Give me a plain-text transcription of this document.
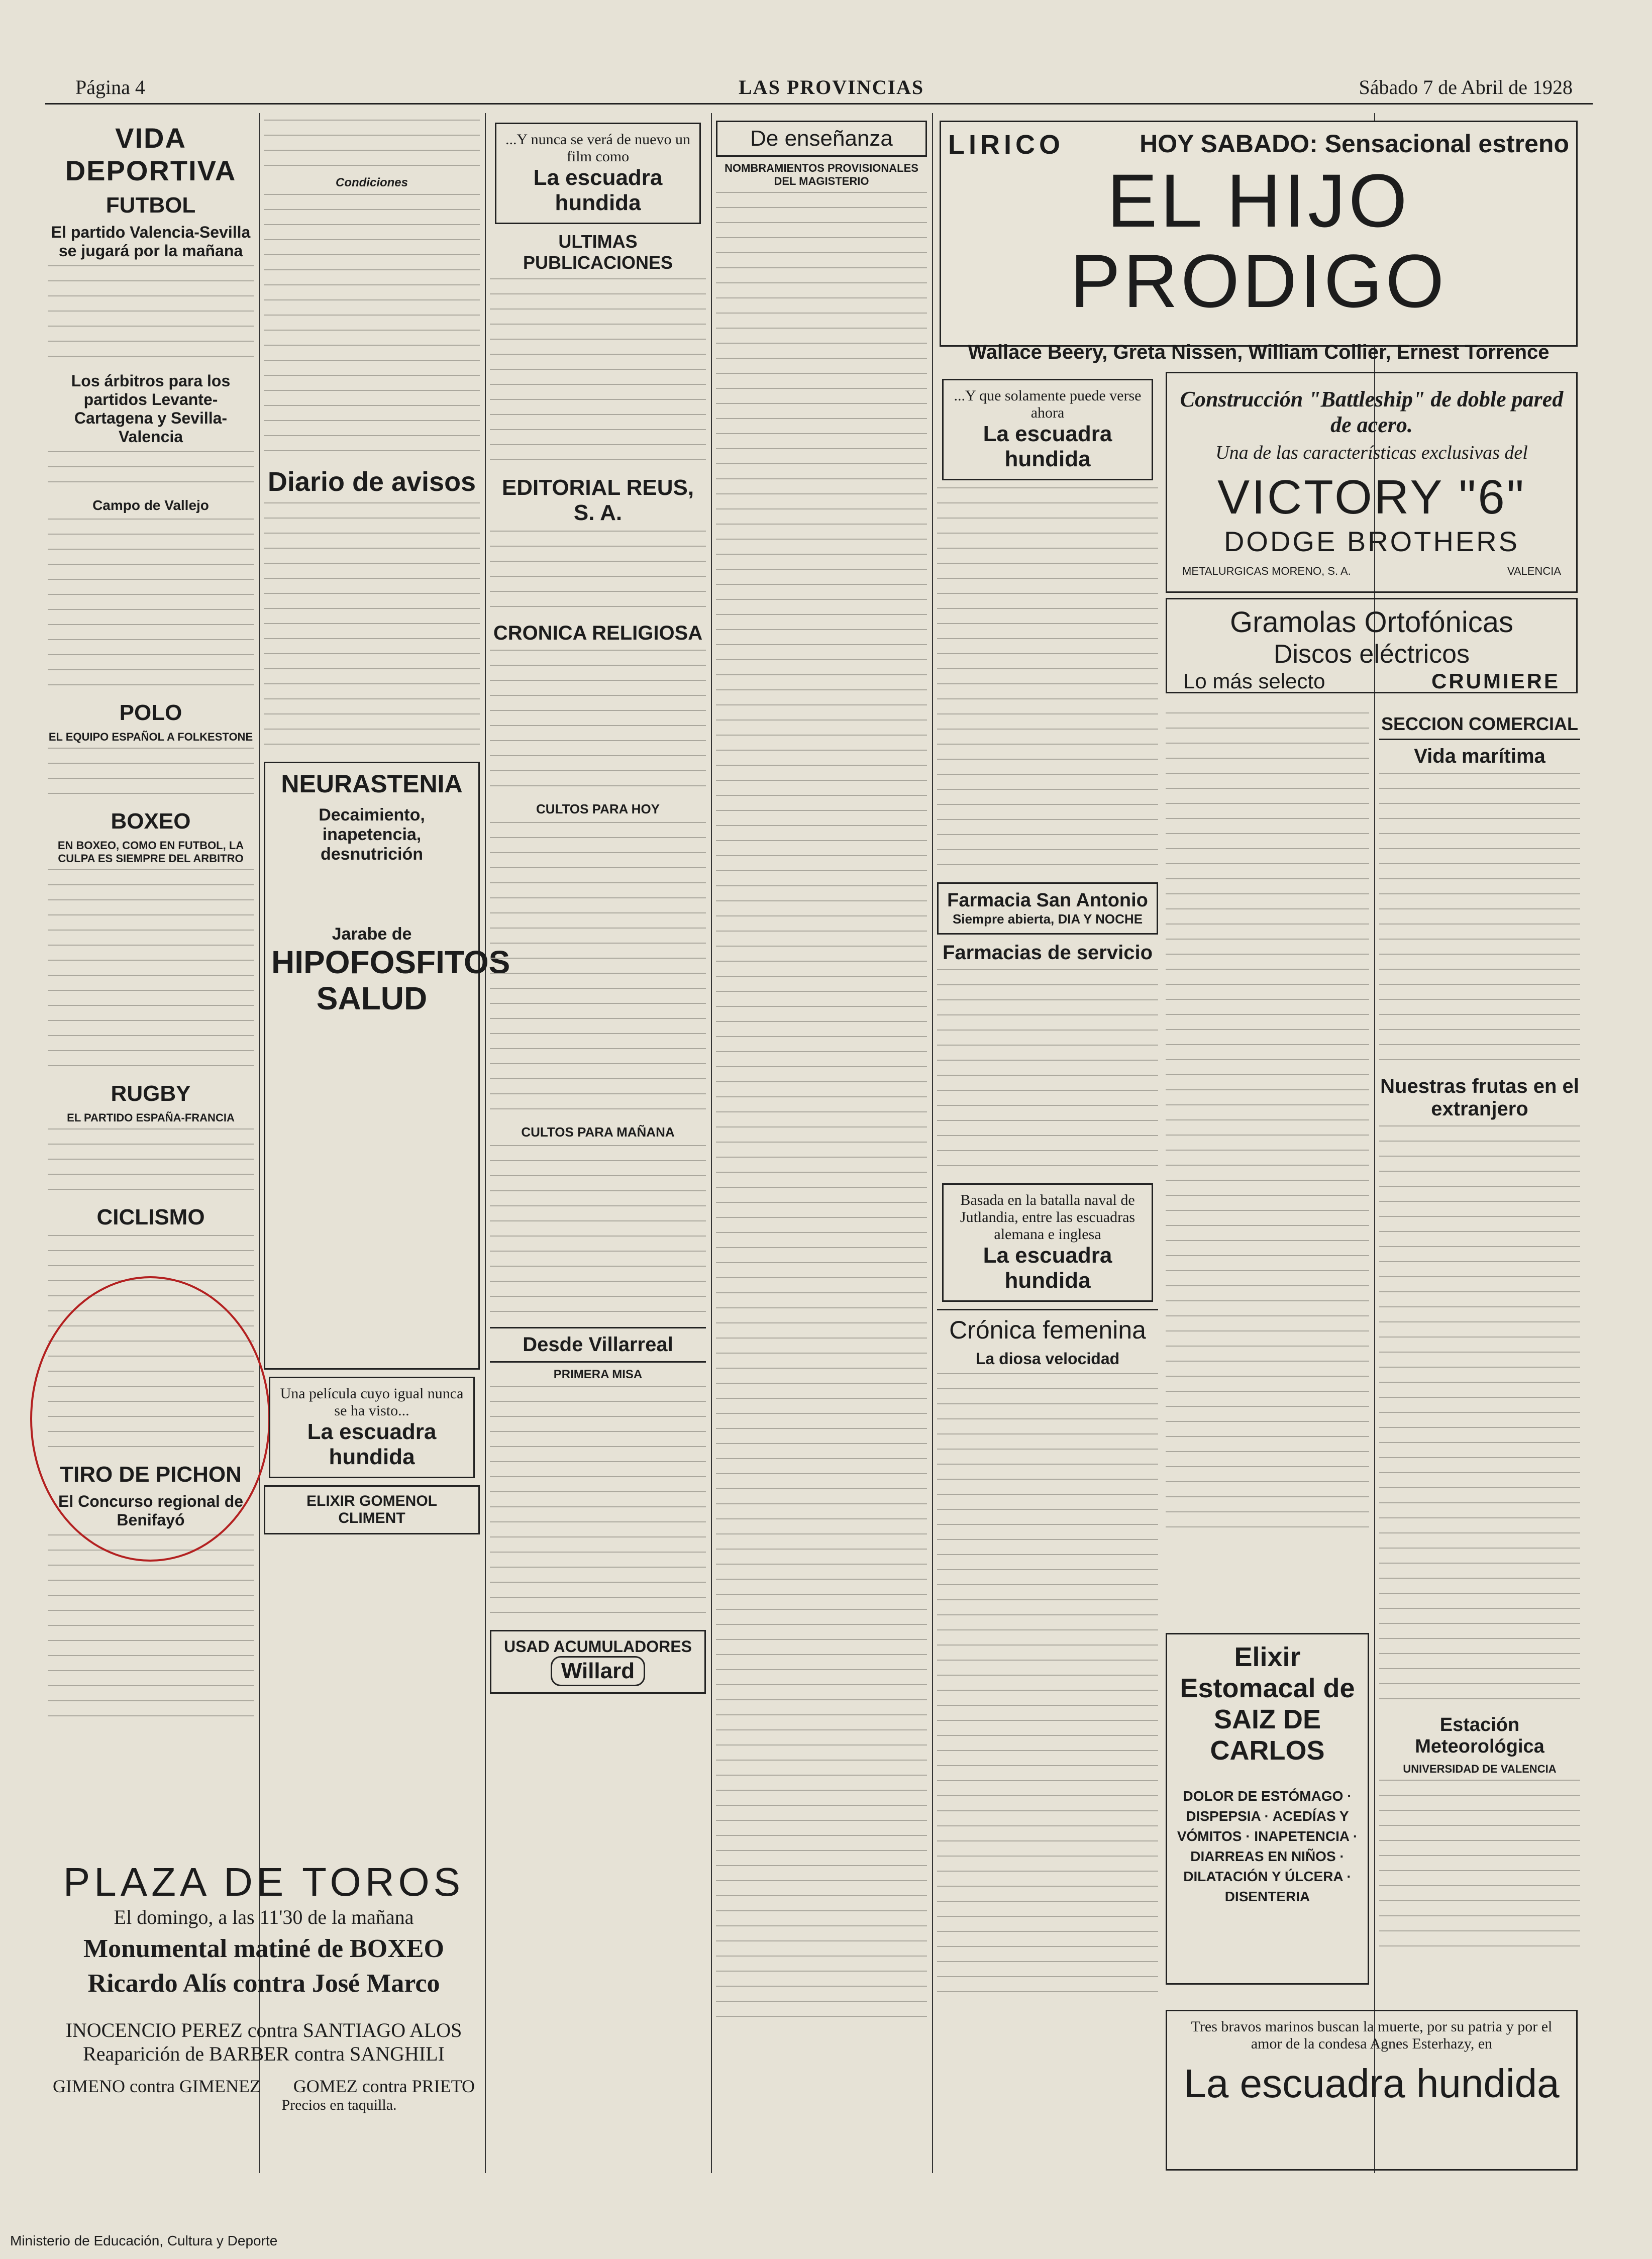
Página 4	LAS PROVINCIAS	Sábado 7 de Abril de 1928
VIDA DEPORTIVA
FUTBOL
El partido Valencia-Sevilla se jugará por la mañana
Los árbitros para los partidos Levante-Cartagena y Sevilla-Valencia
Campo de Vallejo
POLO
EL EQUIPO ESPAÑOL A FOLKESTONE
BOXEO
EN BOXEO, COMO EN FUTBOL, LA CULPA ES SIEMPRE DEL ARBITRO
RUGBY
EL PARTIDO ESPAÑA-FRANCIA
CICLISMO
TIRO DE PICHON
El Concurso regional de Benifayó
Condiciones
Diario de avisos
NEURASTENIA
Decaimiento, inapetencia, desnutrición
Jarabe de
HIPOFOSFITOS SALUD
Una película cuyo igual nunca se ha visto...
La escuadra hundida
ELIXIR GOMENOL CLIMENT
...Y nunca se verá de nuevo un film como
La escuadra hundida
ULTIMAS PUBLICACIONES
EDITORIAL REUS, S. A.
CRONICA RELIGIOSA
CULTOS PARA HOY
CULTOS PARA MAÑANA
Desde Villarreal
PRIMERA MISA
USAD ACUMULADORES
Willard
De enseñanza
NOMBRAMIENTOS PROVISIONALES DEL MAGISTERIO
...Y que solamente puede verse ahora
La escuadra hundida
Farmacia San Antonio
Siempre abierta, DIA Y NOCHE
Farmacias de servicio
Basada en la batalla naval de Jutlandia, entre las escuadras alemana e inglesa
La escuadra hundida
Crónica femenina
La diosa velocidad
LIRICO	HOY SABADO: Sensacional estreno
EL HIJO PRODIGO
Wallace Beery, Greta Nissen, William Collier, Ernest Torrence
Construcción "Battleship" de doble pared de acero.
Una de las características exclusivas del
VICTORY "6"
DODGE BROTHERS
METALURGICAS MORENO, S. A.	VALENCIA
Gramolas Ortofónicas
Discos eléctricos
Lo más selecto	CRUMIERE
Elixir Estomacal de SAIZ DE CARLOS
DOLOR DE ESTÓMAGO · DISPEPSIA · ACEDÍAS Y VÓMITOS · INAPETENCIA · DIARREAS EN NIÑOS · DILATACIÓN Y ÚLCERA · DISENTERIA
SECCION COMERCIAL
Vida marítima
Nuestras frutas en el extranjero
Estación Meteorológica
UNIVERSIDAD DE VALENCIA
PLAZA DE TOROS
El domingo, a las 11'30 de la mañana
Monumental matiné de BOXEO
Ricardo Alís contra José Marco
INOCENCIO PEREZ contra SANTIAGO ALOS
Reaparición de BARBER contra SANGHILI
GIMENO contra GIMENEZ GOMEZ contra PRIETO
Precios en taquilla.
Tres bravos marinos buscan la muerte, por su patria y por el amor de la condesa Agnes Esterhazy, en
La escuadra hundida
Ministerio de Educación, Cultura y Deporte
